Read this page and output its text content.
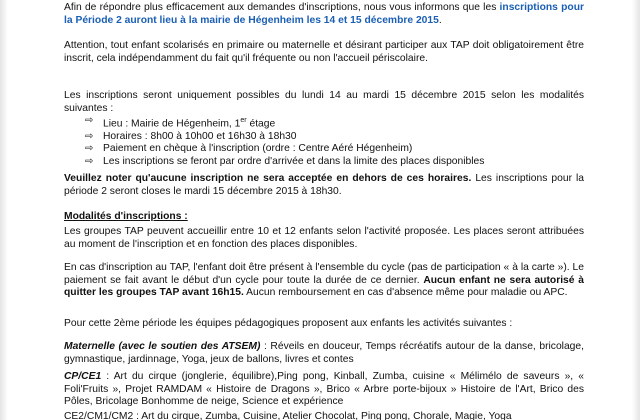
Afin de répondre plus efficacement aux demandes d'inscriptions, nous vous informons que les inscriptions pour la Période 2 auront lieu à la mairie de Hégenheim les 14 et 15 décembre 2015.

Attention, tout enfant scolarisés en primaire ou maternelle et désirant participer aux TAP doit obligatoirement être inscrit, cela indépendamment du fait qu'il fréquente ou non l'accueil périscolaire.

Les inscriptions seront uniquement possibles du lundi 14 au mardi 15 décembre 2015 selon les modalités suivantes :

⇨ Lieu : Mairie de Hégenheim, 1er étage
⇨ Horaires : 8h00 à 10h00 et 16h30 à 18h30
⇨ Paiement en chèque à l'inscription (ordre : Centre Aéré Hégenheim)
⇨ Les inscriptions se feront par ordre d'arrivée et dans la limite des places disponibles

Veuillez noter qu'aucune inscription ne sera acceptée en dehors de ces horaires. Les inscriptions pour la période 2 seront closes le mardi 15 décembre 2015 à 18h30.

Modalités d'inscriptions :

Les groupes TAP peuvent accueillir entre 10 et 12 enfants selon l'activité proposée. Les places seront attribuées au moment de l'inscription et en fonction des places disponibles.

En cas d'inscription au TAP, l'enfant doit être présent à l'ensemble du cycle (pas de participation « à la carte »). Le paiement se fait avant le début d'un cycle pour toute la durée de ce dernier. Aucun enfant ne sera autorisé à quitter les groupes TAP avant 16h15. Aucun remboursement en cas d'absence même pour maladie ou APC.

Pour cette 2ème période les équipes pédagogiques proposent aux enfants les activités suivantes :

Maternelle (avec le soutien des ATSEM) : Réveils en douceur, Temps récréatifs autour de la danse, bricolage, gymnastique, jardinnage, Yoga, jeux de ballons, livres et contes

CP/CE1 : Art du cirque (jonglerie, équilibre),Ping pong, Kinball, Zumba, cuisine « Mélimélo de saveurs », « Foli'Fruits », Projet RAMDAM « Histoire de Dragons », Brico « Arbre porte-bijoux » Histoire de l'Art, Brico des Pôles, Bricolage Bonhomme de neige, Science et expérience

CE2/CM1/CM2 : Art du cirque, Zumba, Cuisine, Atelier Chocolat, Ping pong, Chorale, Magie, Yoga
